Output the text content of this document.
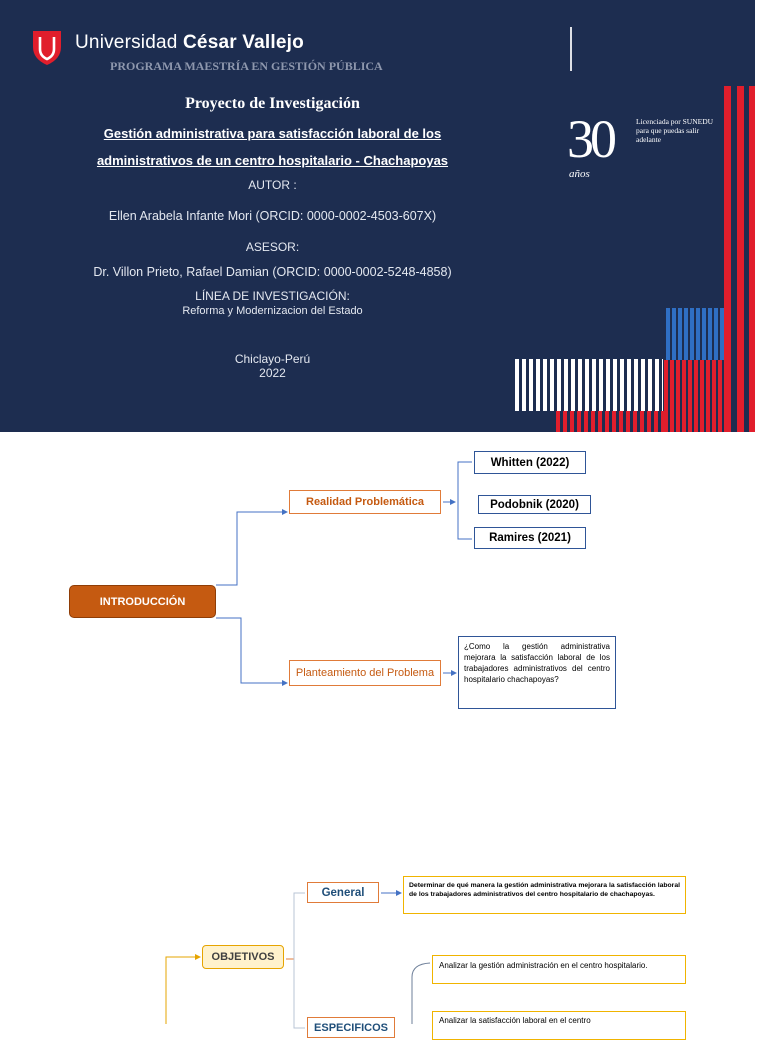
Universidad César Vallejo
PROGRAMA MAESTRÍA EN GESTIÓN PÚBLICA
Proyecto de Investigación
Gestión administrativa para satisfacción laboral de los
administrativos de un centro hospitalario - Chachapoyas
AUTOR :
Ellen Arabela Infante Mori (ORCID: 0000-0002-4503-607X)
ASESOR:
Dr. Villon Prieto, Rafael Damian (ORCID: 0000-0002-5248-4858)
LÍNEA DE INVESTIGACIÓN:
Reforma y Modernizacion del Estado
Chiclayo-Perú
2022
30
años
Licenciada por SUNEDU para que puedas salir adelante
INTRODUCCIÓN
Realidad Problemática
Planteamiento del Problema
Whitten (2022)
Podobnik (2020)
Ramires (2021)
¿Como la gestión administrativa mejorara la satisfacción laboral de los trabajadores administrativos del centro hospitalario chachapoyas?
OBJETIVOS
General
Determinar de qué manera la gestión administrativa mejorara la satisfacción laboral de los trabajadores administrativos del centro hospitalario de chachapoyas.
ESPECIFICOS
Analizar la gestión administración en el centro hospitalario.
Analizar la satisfacción laboral en el centro
